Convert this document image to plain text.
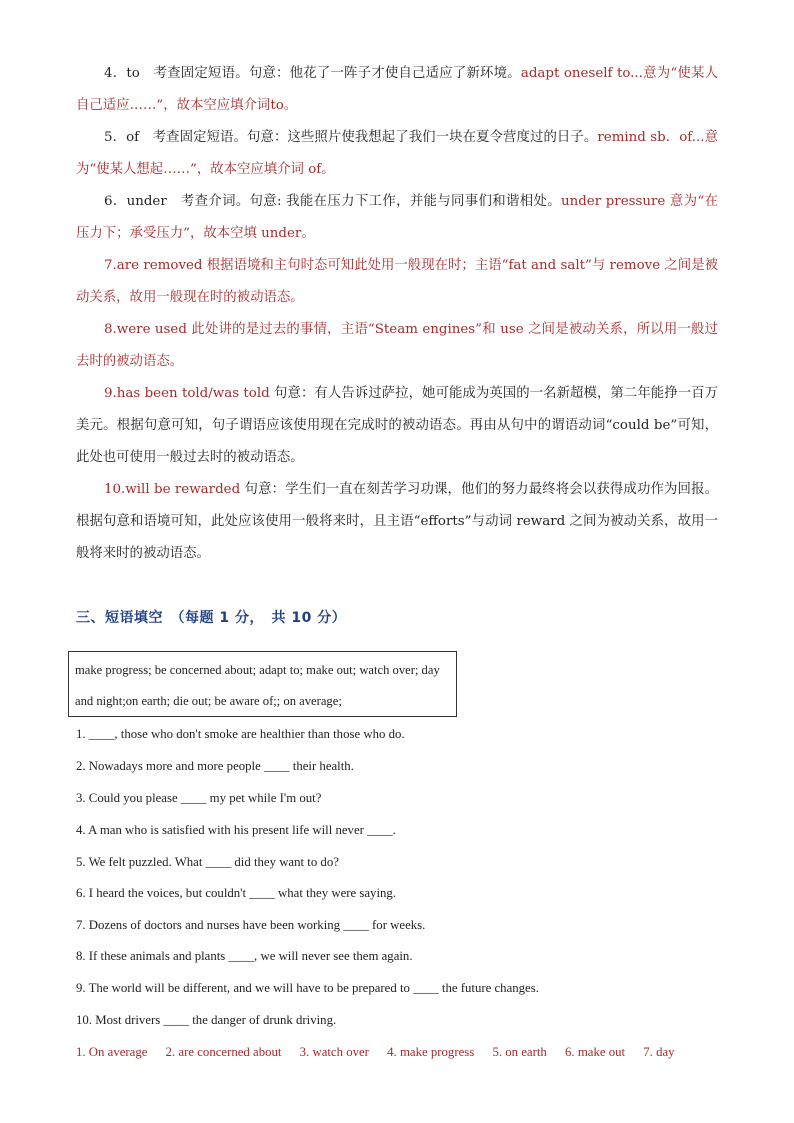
4．to　考查固定短语。句意：他花了一阵子才使自己适应了新环境。adapt oneself to...意为“使某人自己适应……”，故本空应填介词to。

5．of　考查固定短语。句意：这些照片使我想起了我们一块在夏令营度过的日子。remind sb．of...意为“使某人想起……”，故本空应填介词 of。

6．under　考查介词。句意: 我能在压力下工作，并能与同事们和谐相处。under pressure 意为“在压力下；承受压力”，故本空填 under。

7.are removed 根据语境和主句时态可知此处用一般现在时；主语“fat and salt”与 remove 之间是被动关系，故用一般现在时的被动语态。

8.were used 此处讲的是过去的事情，主语“Steam engines”和 use 之间是被动关系，所以用一般过去时的被动语态。

9.has been told/was told 句意：有人告诉过萨拉，她可能成为英国的一名新超模，第二年能挣一百万美元。根据句意可知，句子谓语应该使用现在完成时的被动语态。再由从句中的谓语动词“could be”可知，此处也可使用一般过去时的被动语态。

10.will be rewarded 句意：学生们一直在刻苦学习功课，他们的努力最终将会以获得成功作为回报。根据句意和语境可知，此处应该使用一般将来时，且主语“efforts”与动词 reward 之间为被动关系，故用一般将来时的被动语态。

三、短语填空　（每题 1 分，　共 10 分）
make progress; be concerned about; adapt to; make out; watch over; day and night;on earth; die out; be aware of;; on average;
1. ____, those who don't smoke are healthier than those who do.
2. Nowadays more and more people ____ their health.
3. Could you please ____ my pet while I'm out?
4. A man who is satisfied with his present life will never ____.
5. We felt puzzled. What ____ did they want to do?
6. I heard the voices, but couldn't ____ what they were saying.
7. Dozens of doctors and nurses have been working ____ for weeks.
8. If these animals and plants ____, we will never see them again.
9. The world will be different, and we will have to be prepared to ____ the future changes.
10. Most drivers ____ the danger of drunk driving.
1. On average 2. are concerned about 3. watch over 4. make progress 5. on earth 6. make out 7. day
